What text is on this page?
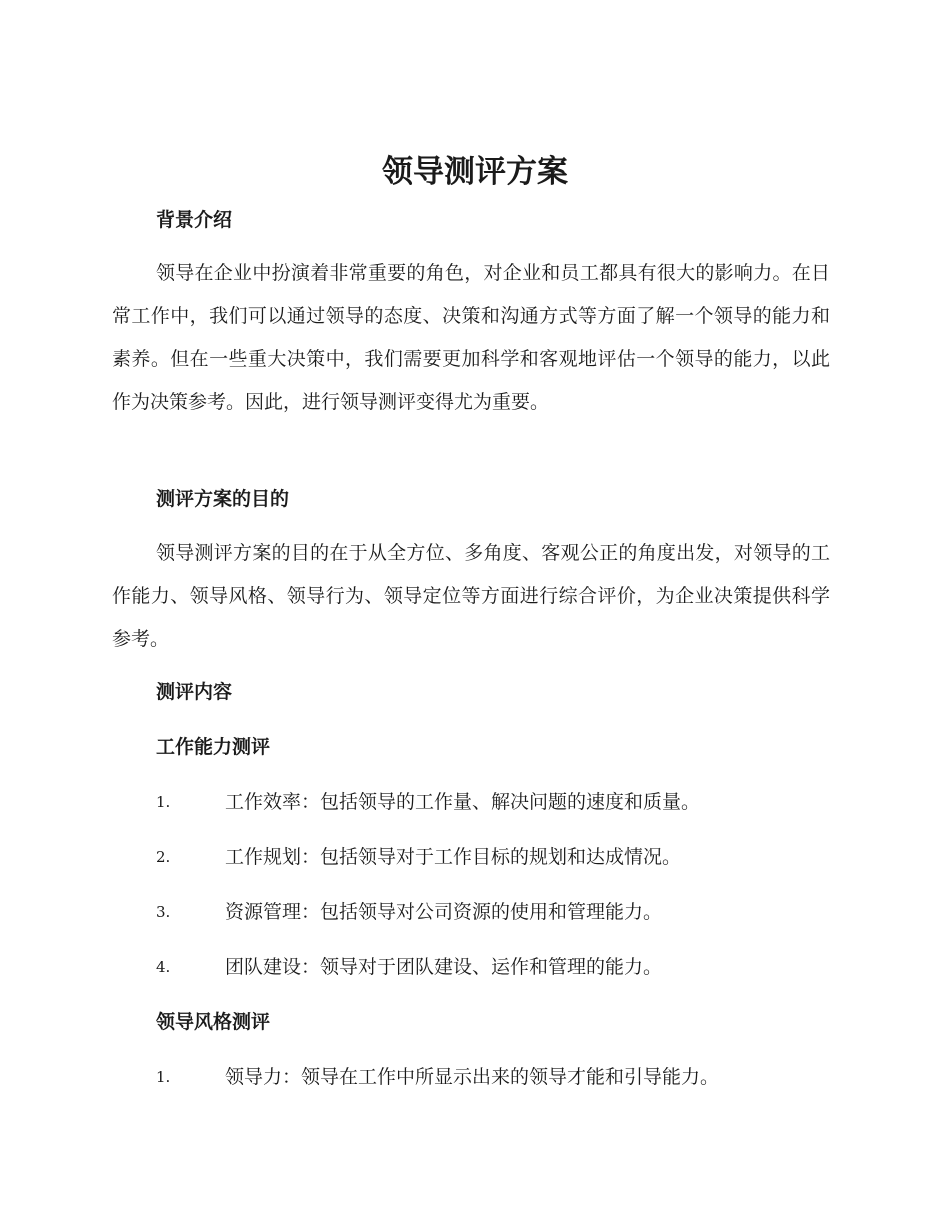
领导测评方案
背景介绍

领导在企业中扮演着非常重要的角色，对企业和员工都具有很大的影响力。在日常工作中，我们可以通过领导的态度、决策和沟通方式等方面了解一个领导的能力和素养。但在一些重大决策中，我们需要更加科学和客观地评估一个领导的能力，以此作为决策参考。因此，进行领导测评变得尤为重要。

测评方案的目的

领导测评方案的目的在于从全方位、多角度、客观公正的角度出发，对领导的工作能力、领导风格、领导行为、领导定位等方面进行综合评价，为企业决策提供科学参考。

测评内容
工作能力测评
1.	工作效率：包括领导的工作量、解决问题的速度和质量。
2.	工作规划：包括领导对于工作目标的规划和达成情况。
3.	资源管理：包括领导对公司资源的使用和管理能力。
4.	团队建设：领导对于团队建设、运作和管理的能力。
领导风格测评
1.	领导力：领导在工作中所显示出来的领导才能和引导能力。
